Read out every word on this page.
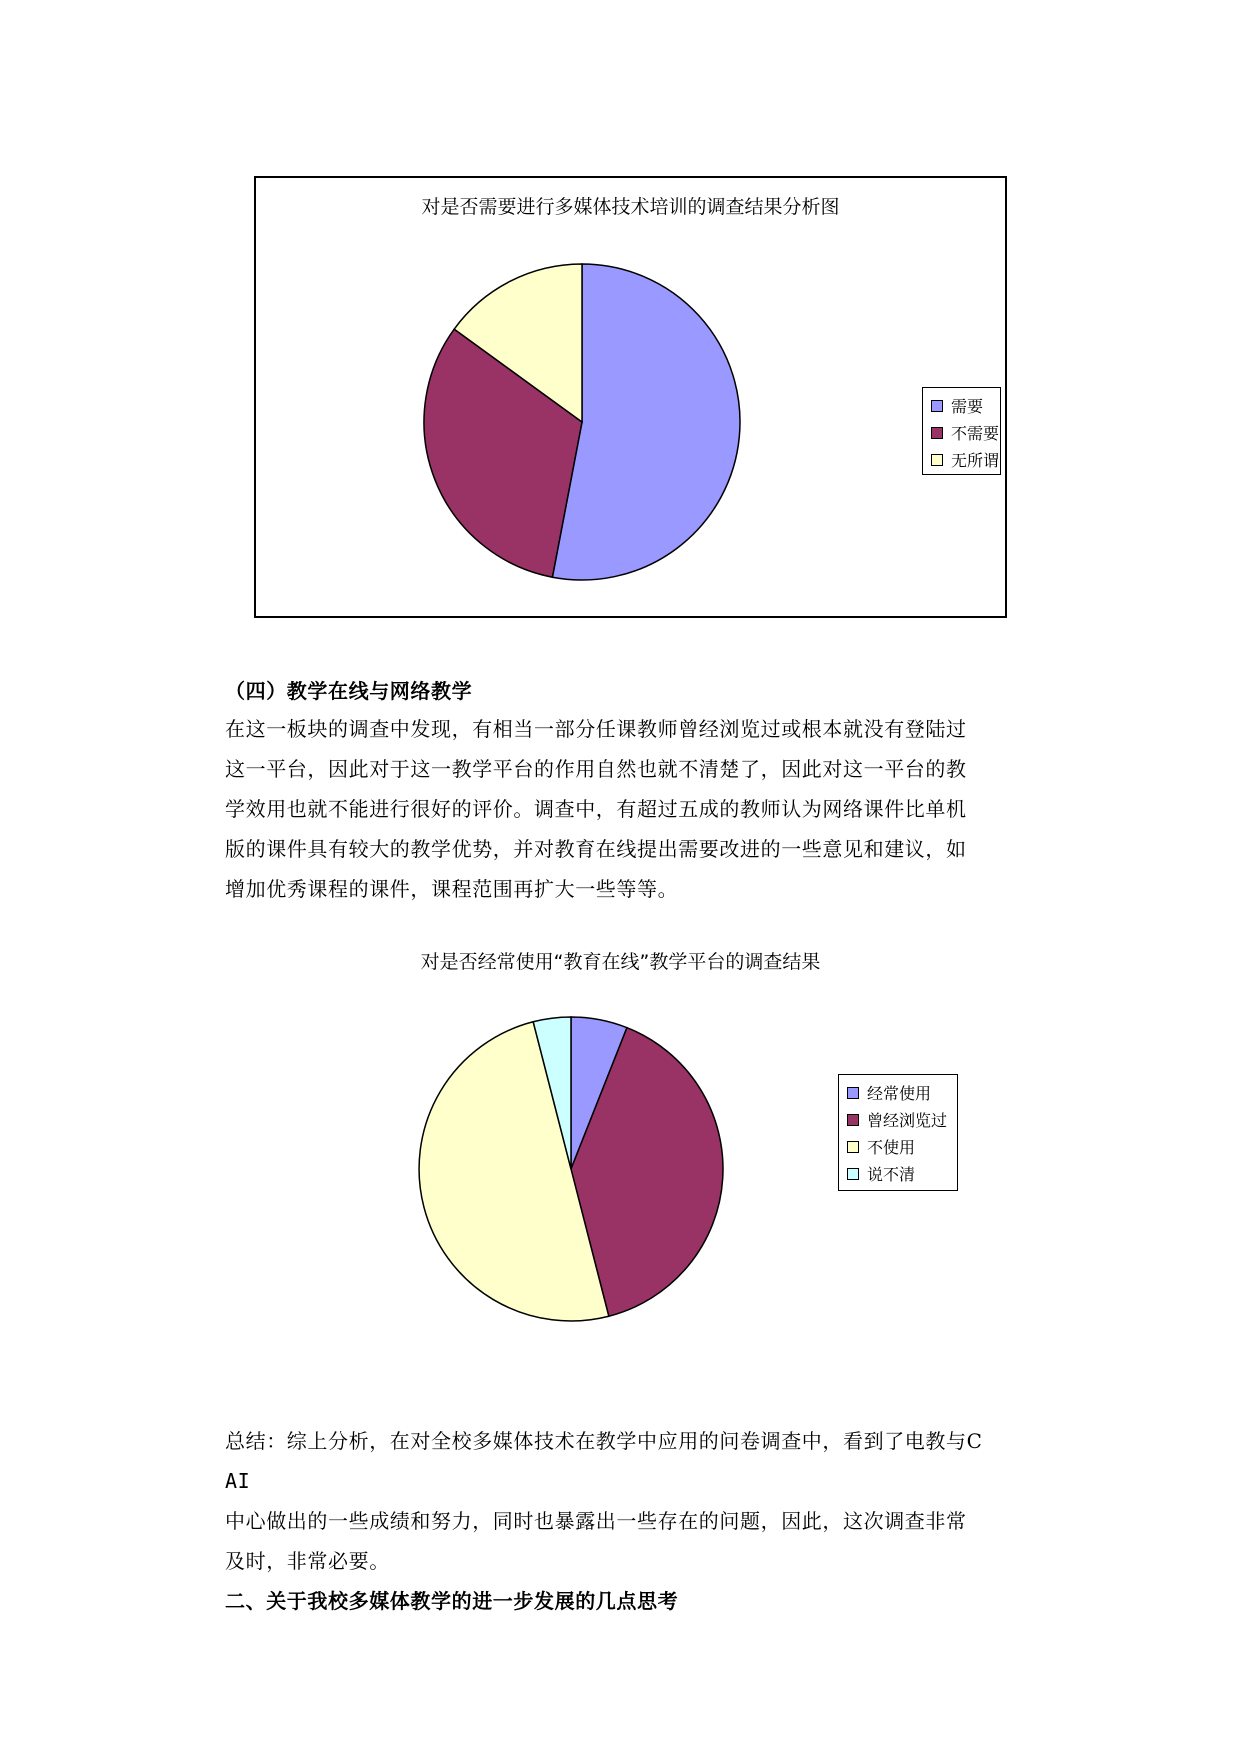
对是否需要进行多媒体技术培训的调查结果分析图
需要
不需要
无所谓
（四）教学在线与网络教学
在这一板块的调查中发现，有相当一部分任课教师曾经浏览过或根本就没有登陆过
这一平台，因此对于这一教学平台的作用自然也就不清楚了，因此对这一平台的教
学效用也就不能进行很好的评价。调查中，有超过五成的教师认为网络课件比单机
版的课件具有较大的教学优势，并对教育在线提出需要改进的一些意见和建议，如
增加优秀课程的课件，课程范围再扩大一些等等。
对是否经常使用“教育在线”教学平台的调查结果
经常使用
曾经浏览过
不使用
说不清
总结：综上分析，在对全校多媒体技术在教学中应用的问卷调查中，看到了电教与C
AI
中心做出的一些成绩和努力，同时也暴露出一些存在的问题，因此，这次调查非常
及时，非常必要。
二、关于我校多媒体教学的进一步发展的几点思考
